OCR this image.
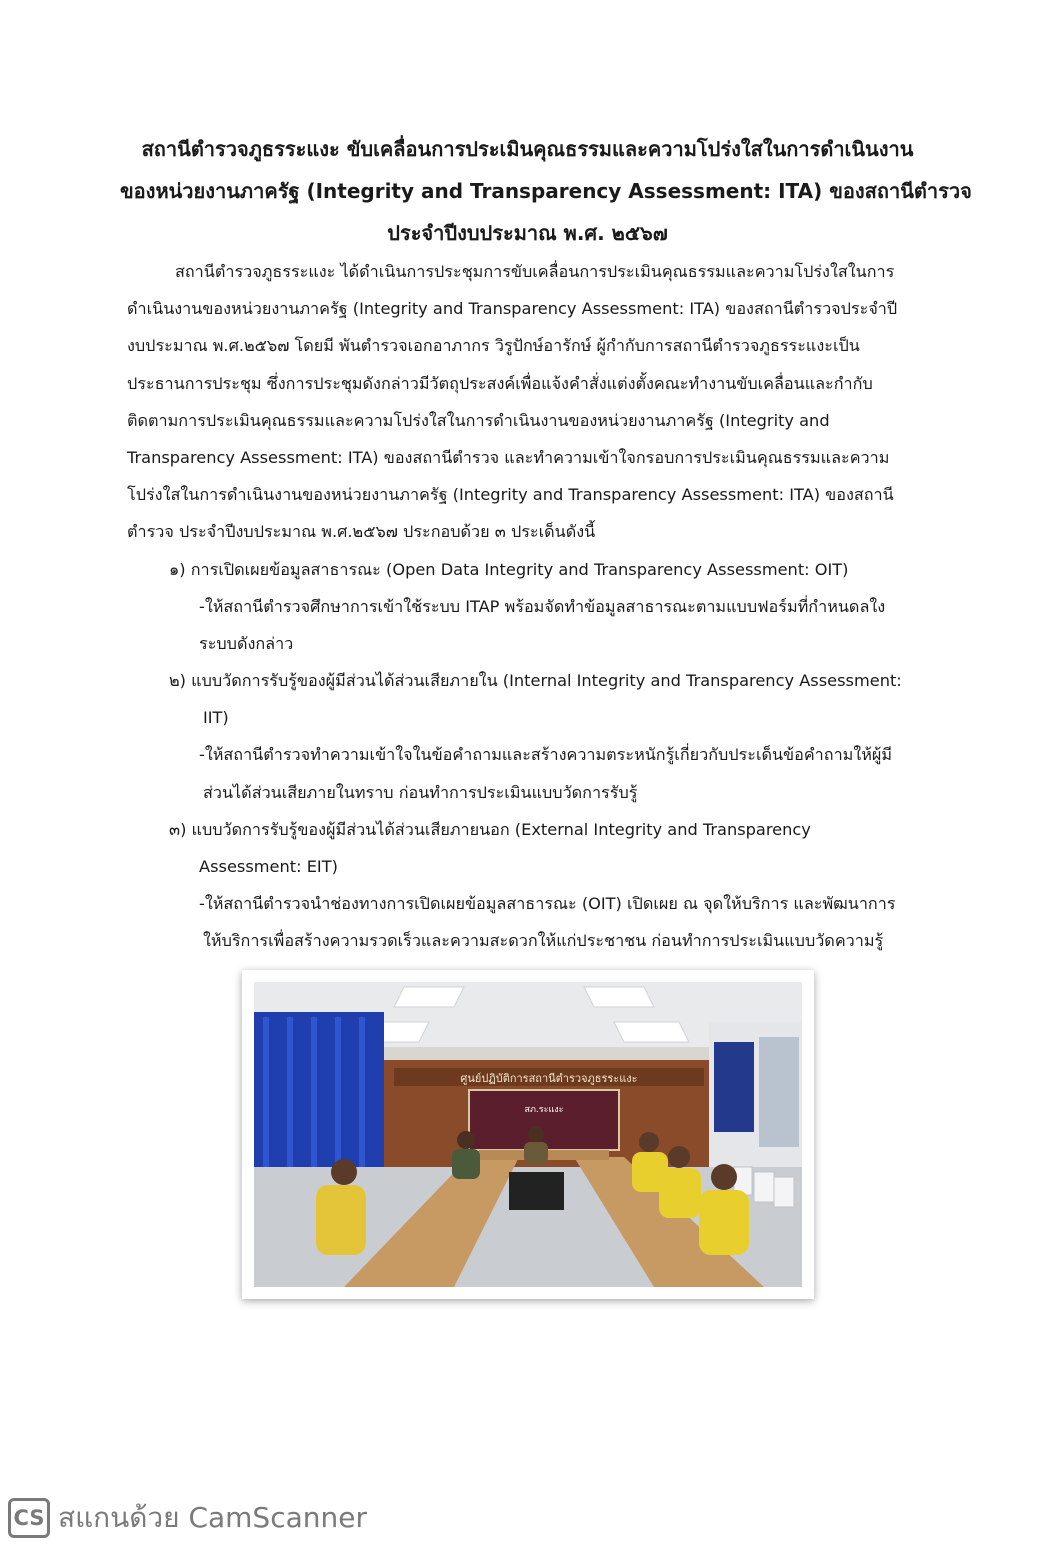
สถานีตำรวจภูธรระแงะ ขับเคลื่อนการประเมินคุณธรรมและความโปร่งใสในการดำเนินงาน
ของหน่วยงานภาครัฐ (Integrity and Transparency Assessment: ITA) ของสถานีตำรวจ
ประจำปีงบประมาณ พ.ศ. ๒๕๖๗
สถานีตำรวจภูธรระแงะ ได้ดำเนินการประชุมการขับเคลื่อนการประเมินคุณธรรมและความโปร่งใสในการ
ดำเนินงานของหน่วยงานภาครัฐ (Integrity and Transparency Assessment: ITA) ของสถานีตำรวจประจำปี
งบประมาณ พ.ศ.๒๕๖๗ โดยมี พันตำรวจเอกอาภากร วิรูปักษ์อารักษ์ ผู้กำกับการสถานีตำรวจภูธรระแงะเป็น
ประธานการประชุม ซึ่งการประชุมดังกล่าวมีวัตถุประสงค์เพื่อแจ้งคำสั่งแต่งตั้งคณะทำงานขับเคลื่อนและกำกับ
ติดตามการประเมินคุณธรรมและความโปร่งใสในการดำเนินงานของหน่วยงานภาครัฐ (Integrity and
Transparency Assessment: ITA) ของสถานีตำรวจ และทำความเข้าใจกรอบการประเมินคุณธรรมและความ
โปร่งใสในการดำเนินงานของหน่วยงานภาครัฐ (Integrity and Transparency Assessment: ITA) ของสถานี
ตำรวจ ประจำปีงบประมาณ พ.ศ.๒๕๖๗ ประกอบด้วย ๓ ประเด็นดังนี้
๑) การเปิดเผยข้อมูลสาธารณะ (Open Data Integrity and Transparency Assessment: OIT)
-ให้สถานีตำรวจศึกษาการเข้าใช้ระบบ ITAP พร้อมจัดทำข้อมูลสาธารณะตามแบบฟอร์มที่กำหนดลใง
ระบบดังกล่าว
๒) แบบวัดการรับรู้ของผู้มีส่วนได้ส่วนเสียภายใน (Internal Integrity and Transparency Assessment:
IIT)
-ให้สถานีตำรวจทำความเข้าใจในข้อคำถามและสร้างความตระหนักรู้เกี่ยวกับประเด็นข้อคำถามให้ผู้มี
ส่วนได้ส่วนเสียภายในทราบ ก่อนทำการประเมินแบบวัดการรับรู้
๓) แบบวัดการรับรู้ของผู้มีส่วนได้ส่วนเสียภายนอก (External Integrity and Transparency
Assessment: EIT)
-ให้สถานีตำรวจนำช่องทางการเปิดเผยข้อมูลสาธารณะ (OIT) เปิดเผย ณ จุดให้บริการ และพัฒนาการ
ให้บริการเพื่อสร้างความรวดเร็วและความสะดวกให้แก่ประชาชน ก่อนทำการประเมินแบบวัดความรู้
ศูนย์ปฏิบัติการสถานีตำรวจภูธรระแงะ
สภ.ระแงะ
CS สแกนด้วย CamScanner
